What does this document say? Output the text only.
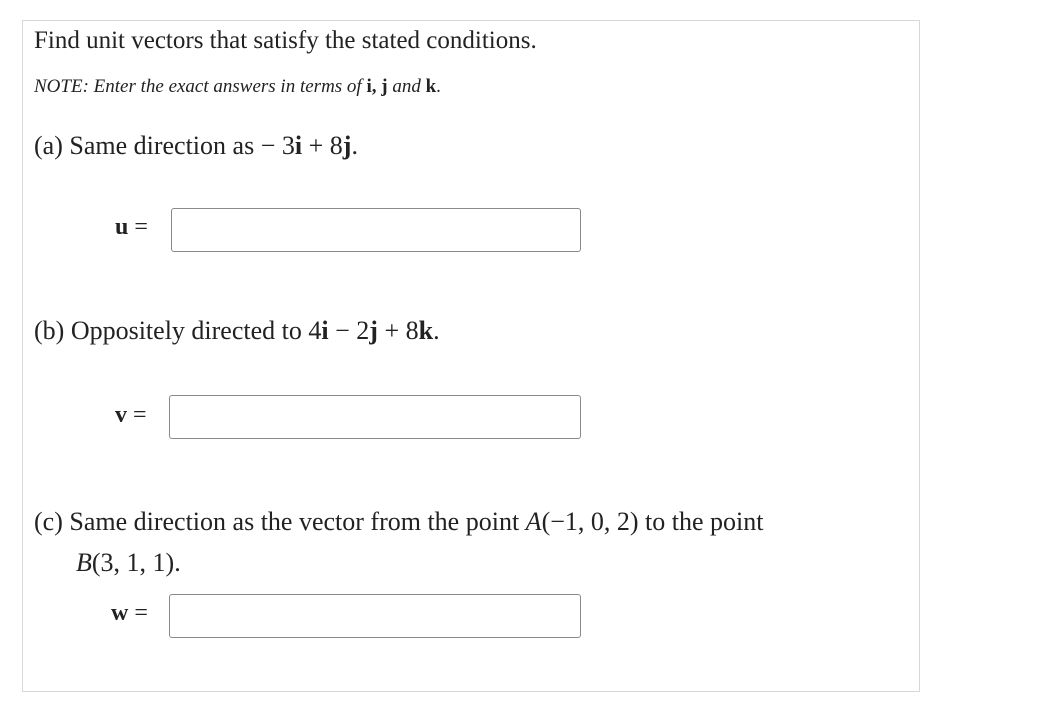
Find unit vectors that satisfy the stated conditions.
NOTE: Enter the exact answers in terms of i, j and k.
(a) Same direction as − 3i + 8j.
u =
(b) Oppositely directed to 4i − 2j + 8k.
v =
(c) Same direction as the vector from the point A(−1, 0, 2) to the point
B(3, 1, 1).
w =
